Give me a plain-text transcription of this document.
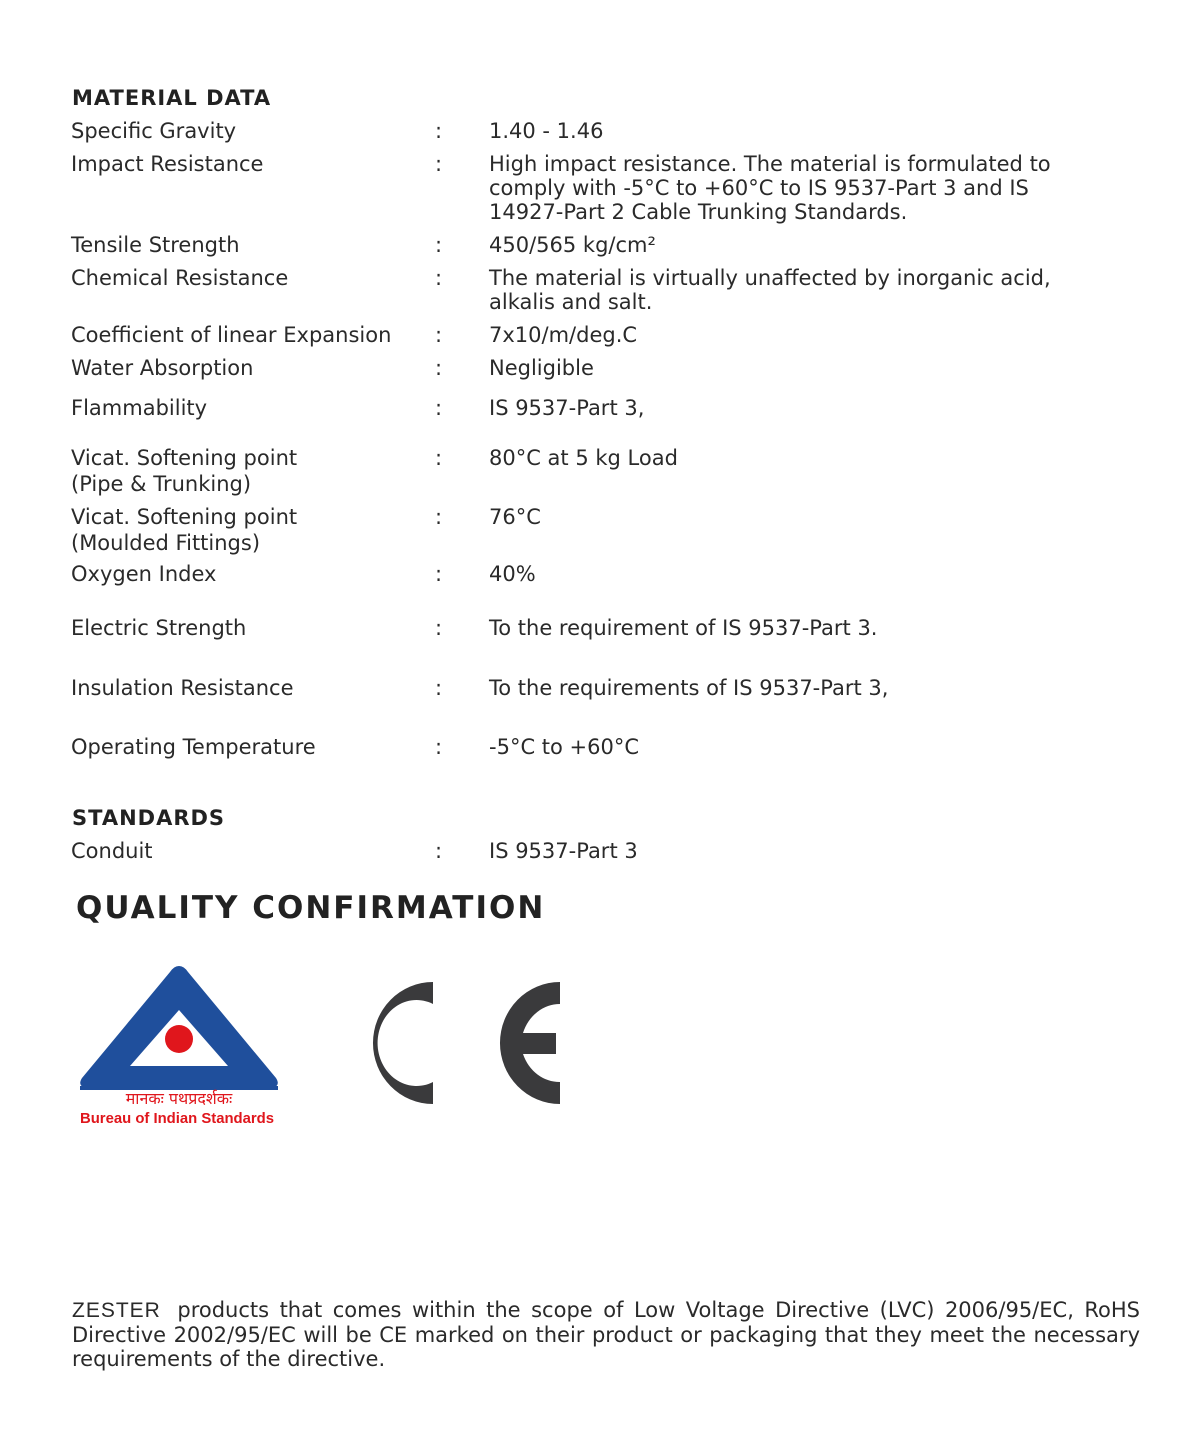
MATERIAL DATA
Specific Gravity	: 1.40 - 1.46
Impact Resistance	: High impact resistance. The material is formulated to comply with -5°C to +60°C to IS 9537-Part 3 and IS 14927-Part 2 Cable Trunking Standards.
Tensile Strength	: 450/565 kg/cm²
Chemical Resistance	: The material is virtually unaffected by inorganic acid, alkalis and salt.
Coefficient of linear Expansion	: 7x10/m/deg.C
Water Absorption	: Negligible
Flammability	: IS 9537-Part 3,
Vicat. Softening point
(Pipe & Trunking)
: 80°C at 5 kg Load
Vicat. Softening point
(Moulded Fittings)
: 76°C
Oxygen Index	: 40%
Electric Strength	: To the requirement of IS 9537-Part 3.
Insulation Resistance	: To the requirements of IS 9537-Part 3,
Operating Temperature	: -5°C to +60°C
STANDARDS
Conduit	: IS 9537-Part 3
QUALITY CONFIRMATION
मानकः पथप्रदर्शकः
Bureau of Indian Standards

ZESTER products that comes within the scope of Low Voltage Directive (LVC) 2006/95/EC, RoHS Directive 2002/95/EC will be CE marked on their product or packaging that they meet the necessary requirements of the directive.
